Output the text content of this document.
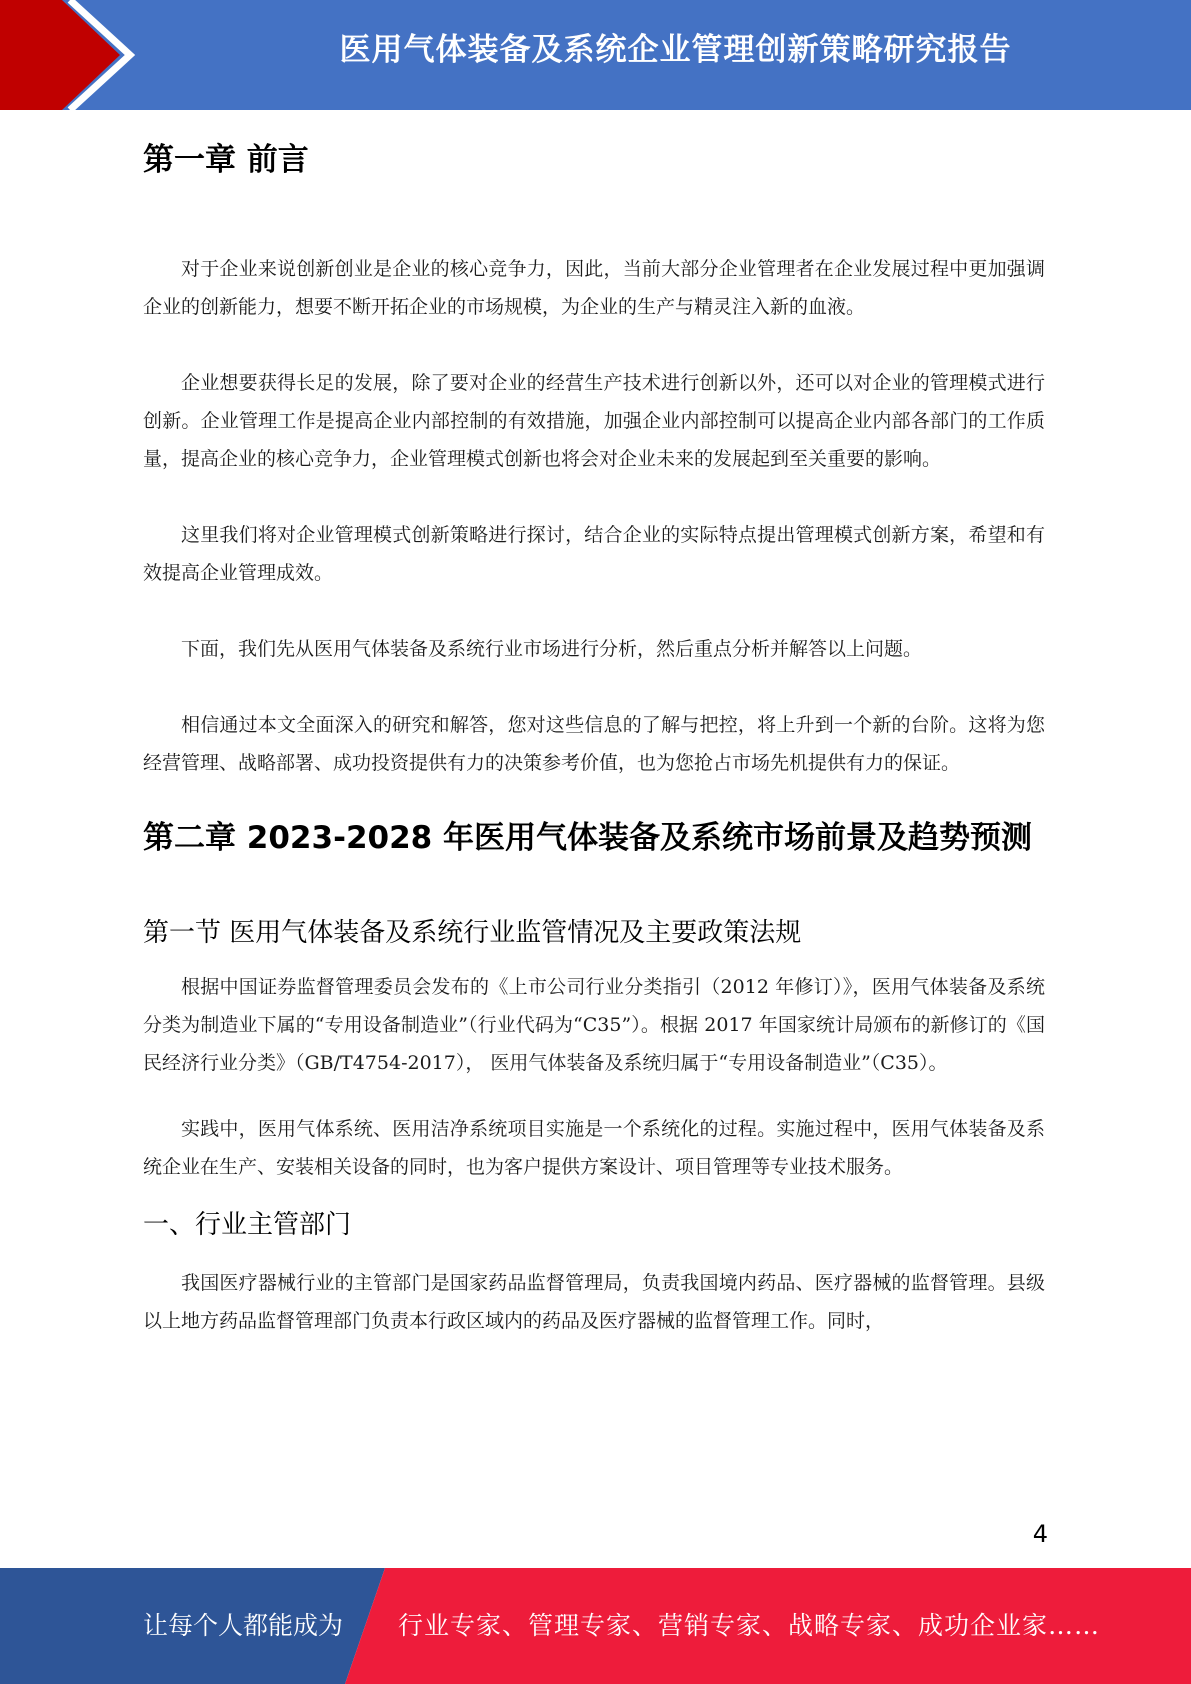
医用气体装备及系统企业管理创新策略研究报告
第一章 前言

对于企业来说创新创业是企业的核心竞争力，因此，当前大部分企业管理者在企业发展过程中更加强调企业的创新能力，想要不断开拓企业的市场规模，为企业的生产与精灵注入新的血液。

企业想要获得长足的发展，除了要对企业的经营生产技术进行创新以外，还可以对企业的管理模式进行创新。企业管理工作是提高企业内部控制的有效措施，加强企业内部控制可以提高企业内部各部门的工作质量，提高企业的核心竞争力，企业管理模式创新也将会对企业未来的发展起到至关重要的影响。

这里我们将对企业管理模式创新策略进行探讨，结合企业的实际特点提出管理模式创新方案，希望和有效提高企业管理成效。

下面，我们先从医用气体装备及系统行业市场进行分析，然后重点分析并解答以上问题。

相信通过本文全面深入的研究和解答，您对这些信息的了解与把控，将上升到一个新的台阶。这将为您经营管理、战略部署、成功投资提供有力的决策参考价值，也为您抢占市场先机提供有力的保证。

第二章 2023-2028 年医用气体装备及系统市场前景及趋势预测
第一节 医用气体装备及系统行业监管情况及主要政策法规

根据中国证券监督管理委员会发布的《上市公司行业分类指引（2012 年修订）》，医用气体装备及系统分类为制造业下属的“专用设备制造业”（行业代码为“C35”）。根据 2017 年国家统计局颁布的新修订的《国民经济行业分类》（GB/T4754-2017）， 医用气体装备及系统归属于“专用设备制造业”（C35）。

实践中，医用气体系统、医用洁净系统项目实施是一个系统化的过程。实施过程中，医用气体装备及系统企业在生产、安装相关设备的同时，也为客户提供方案设计、项目管理等专业技术服务。

一、行业主管部门

我国医疗器械行业的主管部门是国家药品监督管理局，负责我国境内药品、医疗器械的监督管理。县级以上地方药品监督管理部门负责本行政区域内的药品及医疗器械的监督管理工作。同时，

4
让每个人都能成为 行业专家、管理专家、营销专家、战略专家、成功企业家……
